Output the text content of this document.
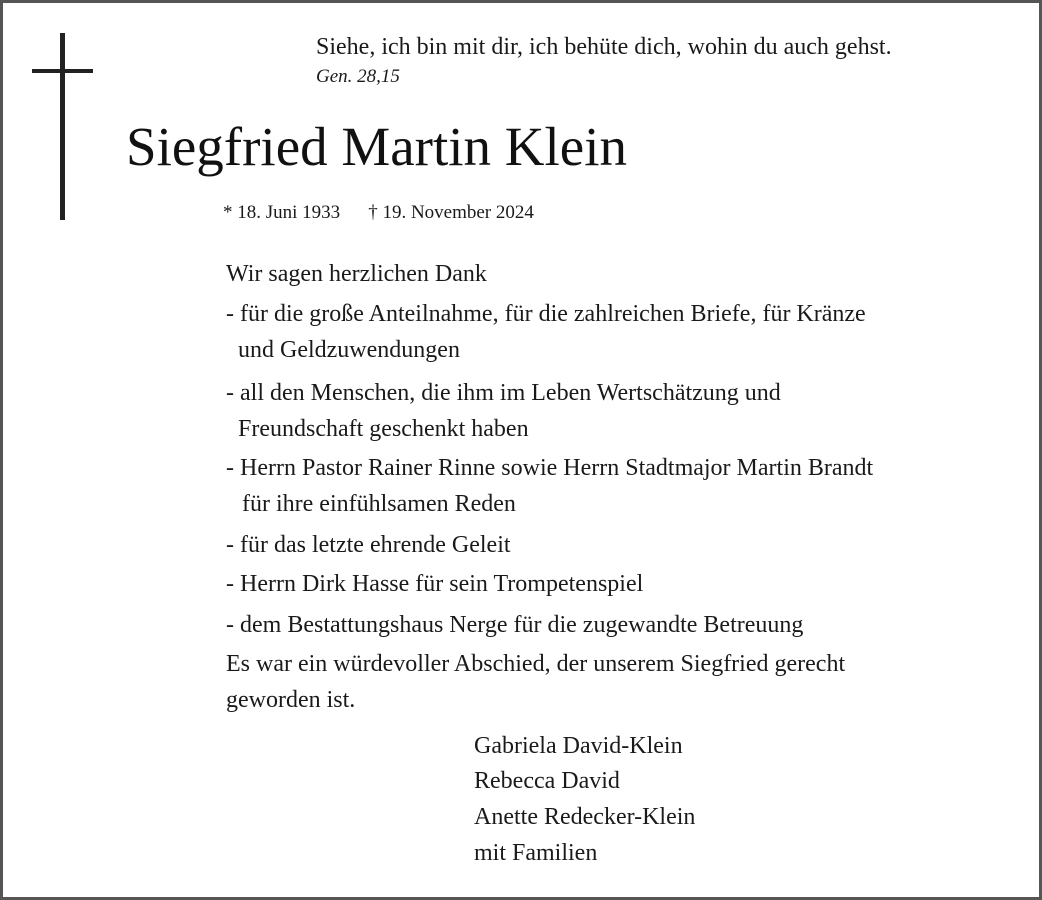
Siehe, ich bin mit dir, ich behüte dich, wohin du auch gehst.
Gen. 28,15
Siegfried Martin Klein
* 18. Juni 1933 † 19. November 2024
Wir sagen herzlichen Dank
- für die große Anteilnahme, für die zahlreichen Briefe, für Kränze
und Geldzuwendungen
- all den Menschen, die ihm im Leben Wertschätzung und
Freundschaft geschenkt haben
- Herrn Pastor Rainer Rinne sowie Herrn Stadtmajor Martin Brandt
für ihre einfühlsamen Reden
- für das letzte ehrende Geleit
- Herrn Dirk Hasse für sein Trompetenspiel
- dem Bestattungshaus Nerge für die zugewandte Betreuung
Es war ein würdevoller Abschied, der unserem Siegfried gerecht
geworden ist.
Gabriela David-Klein
Rebecca David
Anette Redecker-Klein
mit Familien
